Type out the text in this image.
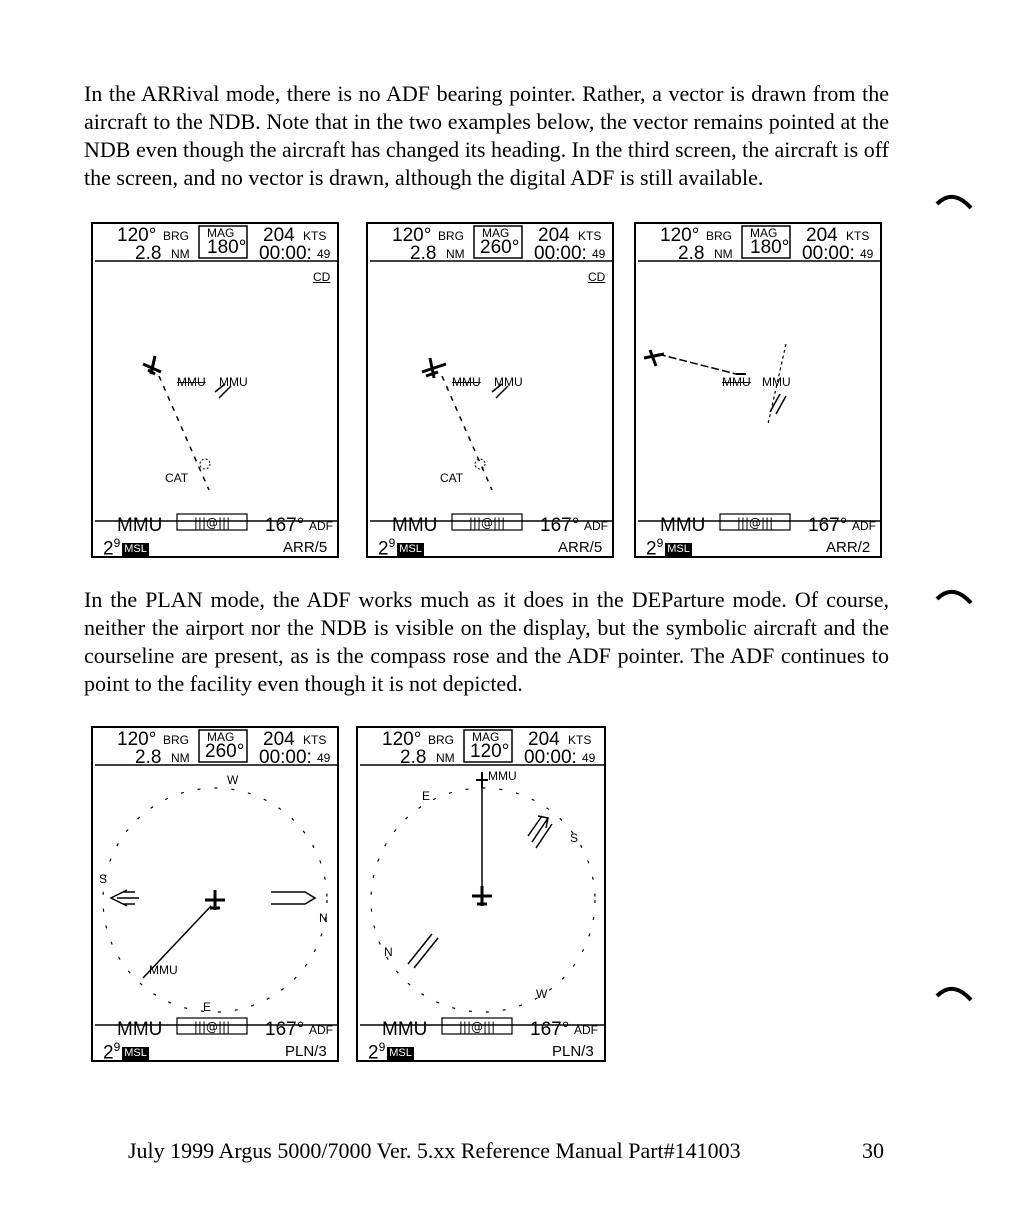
In the ARRival mode, there is no ADF bearing pointer. Rather, a vector is drawn from the aircraft to the NDB. Note that in the two examples below, the vector remains pointed at the NDB even though the aircraft has changed its heading. In the third screen, the aircraft is off the screen, and no vector is drawn, although the digital ADF is still available.

|||@|||
120° BRG MAG
180°
204 KTS
2.8 NM	00:00: 49
CD
MMU MMU
CAT
MMU	167° ADF
$2^9$ MSL	ARR/5
|||@|||
120° BRG MAG
260°
204 KTS
2.8 NM	00:00: 49
CD
MMU MMU
CAT
MMU	167° ADF
$2^9$ MSL	ARR/5
|||@|||
120° BRG MAG
180°
204 KTS
2.8 NM	00:00: 49
MMU MMU
MMU	167° ADF
$2^9$ MSL	ARR/2

In the PLAN mode, the ADF works much as it does in the DEParture mode. Of course, neither the airport nor the NDB is visible on the display, but the symbolic aircraft and the courseline are present, as is the compass rose and the ADF pointer. The ADF continues to point to the facility even though it is not depicted.

|||@|||
120° BRG MAG
260°
204 KTS
2.8 NM	00:00: 49
W
S
N
E
MMU
MMU	167° ADF
$2^9$ MSL	PLN/3
|||@|||
120° BRG MAG
120°
204 KTS
2.8 NM	00:00: 49
MMU
E
S
N
W
MMU	167° ADF
$2^9$ MSL	PLN/3
July 1999 Argus 5000/7000 Ver. 5.xx Reference Manual Part#141003	30
